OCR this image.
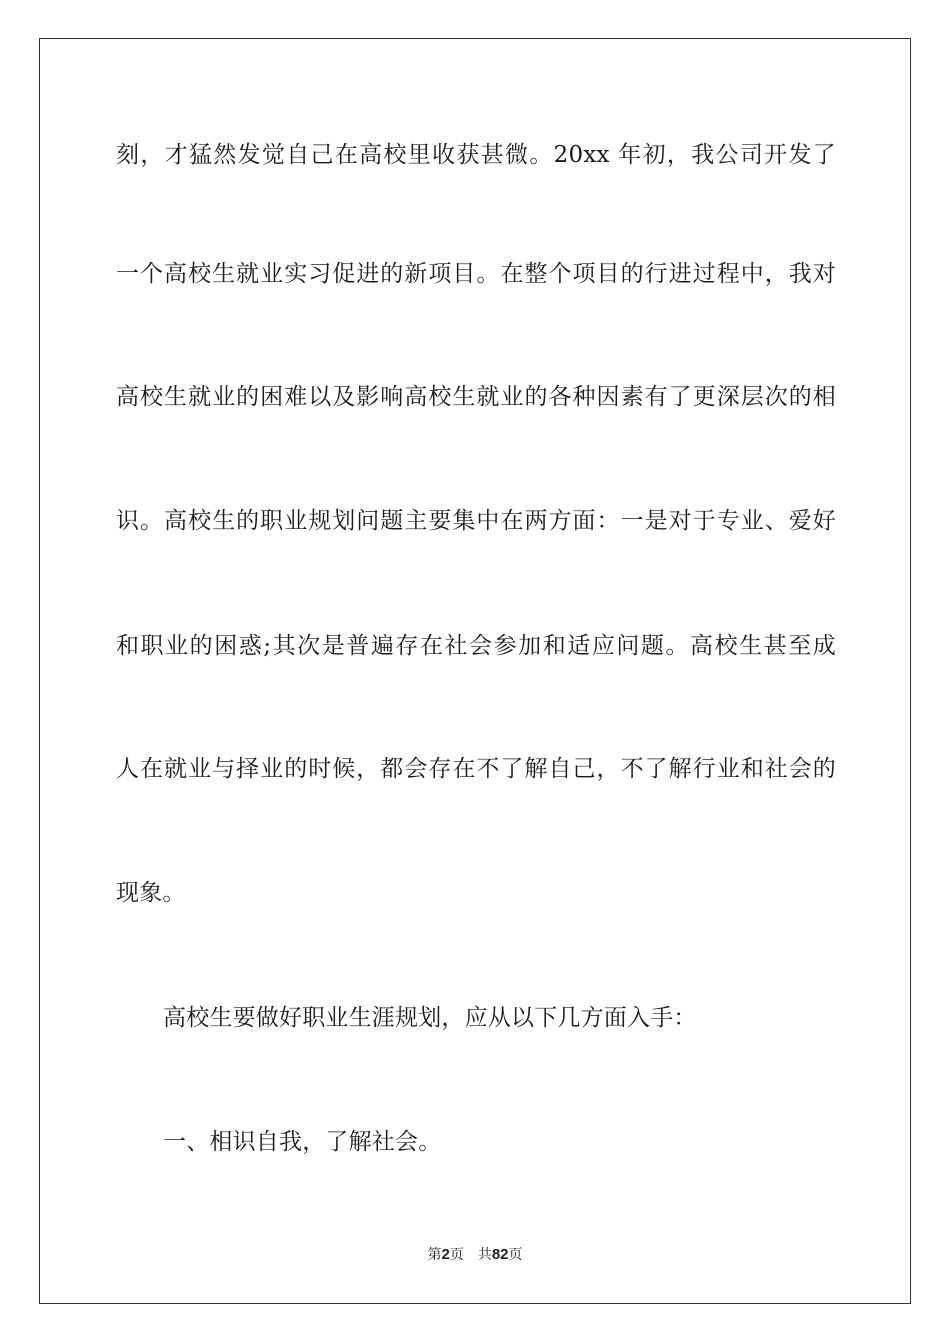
刻，才猛然发觉自己在高校里收获甚微。20xx 年初，我公司开发了
一个高校生就业实习促进的新项目。在整个项目的行进过程中，我对
高校生就业的困难以及影响高校生就业的各种因素有了更深层次的相
识。高校生的职业规划问题主要集中在两方面：一是对于专业、爱好
和职业的困惑;其次是普遍存在社会参加和适应问题。高校生甚至成
人在就业与择业的时候，都会存在不了解自己，不了解行业和社会的
现象。
高校生要做好职业生涯规划，应从以下几方面入手：
一、相识自我，了解社会。
第2页 共82页
